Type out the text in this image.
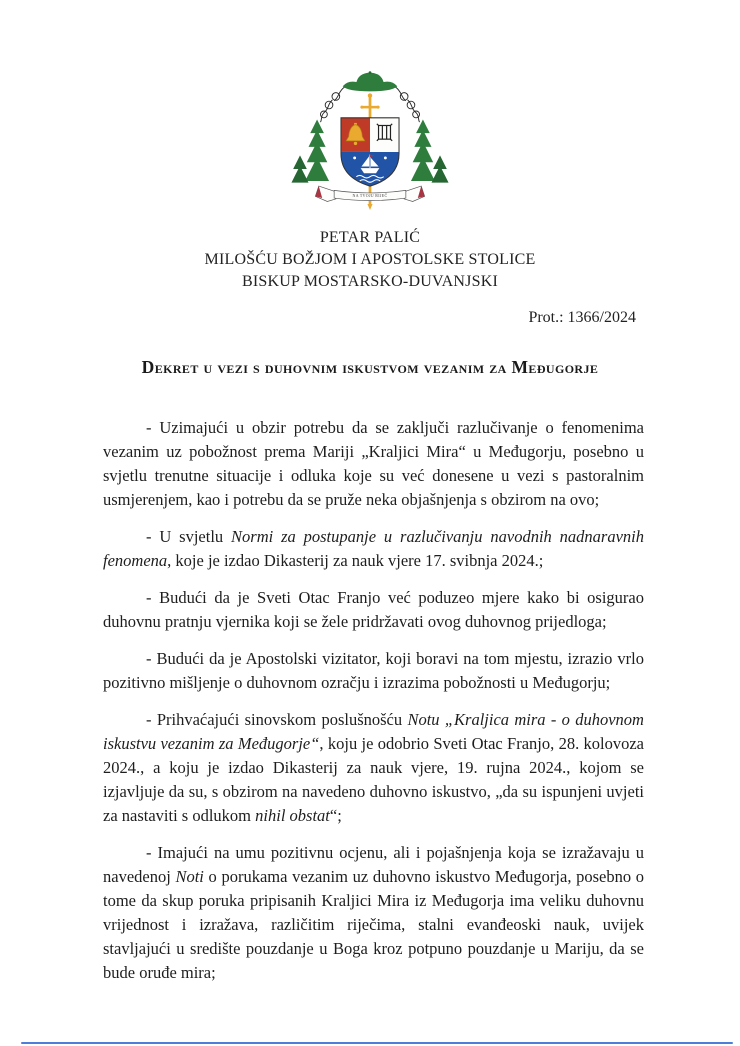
NA TVOJU RIJEČ
PETAR PALIĆ
MILOŠĆU BOŽJOM I APOSTOLSKE STOLICE
BISKUP MOSTARSKO-DUVANJSKI
Prot.: 1366/2024
Dekret u vezi s duhovnim iskustvom vezanim za Međugorje

- Uzimajući u obzir potrebu da se zaključi razlučivanje o fenomenima vezanim uz pobožnost prema Mariji „Kraljici Mira“ u Međugorju, posebno u svjetlu trenutne situacije i odluka koje su već donesene u vezi s pastoralnim usmjerenjem, kao i potrebu da se pruže neka objašnjenja s obzirom na ovo;

- U svjetlu Normi za postupanje u razlučivanju navodnih nadnaravnih fenomena, koje je izdao Dikasterij za nauk vjere 17. svibnja 2024.;

- Budući da je Sveti Otac Franjo već poduzeo mjere kako bi osigurao duhovnu pratnju vjernika koji se žele pridržavati ovog duhovnog prijedloga;

- Budući da je Apostolski vizitator, koji boravi na tom mjestu, izrazio vrlo pozitivno mišljenje o duhovnom ozračju i izrazima pobožnosti u Međugorju;

- Prihvaćajući sinovskom poslušnošću Notu „Kraljica mira - o duhovnom iskustvu vezanim za Međugorje“, koju je odobrio Sveti Otac Franjo, 28. kolovoza 2024., a koju je izdao Dikasterij za nauk vjere, 19. rujna 2024., kojom se izjavljuje da su, s obzirom na navedeno duhovno iskustvo, „da su ispunjeni uvjeti za nastaviti s odlukom nihil obstat“;

- Imajući na umu pozitivnu ocjenu, ali i pojašnjenja koja se izražavaju u navedenoj Noti o porukama vezanim uz duhovno iskustvo Međugorja, posebno o tome da skup poruka pripisanih Kraljici Mira iz Međugorja ima veliku duhovnu vrijednost i izražava, različitim riječima, stalni evanđeoski nauk, uvijek stavljajući u središte pouzdanje u Boga kroz potpuno pouzdanje u Mariju, da se bude oruđe mira;
